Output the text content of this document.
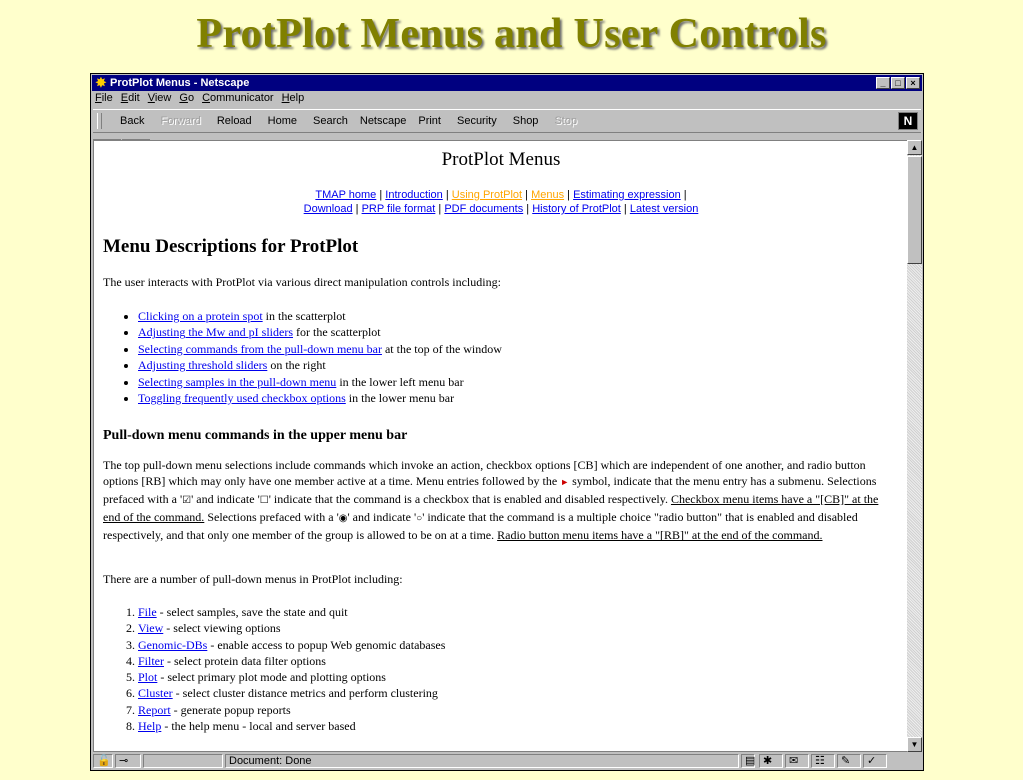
ProtPlot Menus and User Controls
✸ ProtPlot Menus - Netscape	_	□	×
File Edit View Go Communicator Help
Back Forward Reload Home Search Netscape Print Security Shop Stop	N
ProtPlot Menus
TMAP home | Introduction | Using ProtPlot | Menus | Estimating expression |
Download | PRP file format | PDF documents | History of ProtPlot | Latest version
Menu Descriptions for ProtPlot
The user interacts with ProtPlot via various direct manipulation controls including:
• Clicking on a protein spot in the scatterplot
• Adjusting the Mw and pI sliders for the scatterplot
• Selecting commands from the pull-down menu bar at the top of the window
• Adjusting threshold sliders on the right
• Selecting samples in the pull-down menu in the lower left menu bar
• Toggling frequently used checkbox options in the lower menu bar
Pull-down menu commands in the upper menu bar
The top pull-down menu selections include commands which invoke an action, checkbox options [CB] which are independent of one another, and radio button options [RB] which may only have one member active at a time. Menu entries followed by the ► symbol, indicate that the menu entry has a submenu. Selections prefaced with a '☑' and indicate '☐' indicate that the command is a checkbox that is enabled and disabled respectively. Checkbox menu items have a "[CB]" at the end of the command. Selections prefaced with a '◉' and indicate '○' indicate that the command is a multiple choice "radio button" that is enabled and disabled respectively, and that only one member of the group is allowed to be on at a time. Radio button menu items have a "[RB]" at the end of the command.
There are a number of pull-down menus in ProtPlot including:
1. File - select samples, save the state and quit
2. View - select viewing options
3. Genomic-DBs - enable access to popup Web genomic databases
4. Filter - select protein data filter options
5. Plot - select primary plot mode and plotting options
6. Cluster - select cluster distance metrics and perform clustering
7. Report - generate popup reports
8. Help - the help menu - local and server based
▲
▼
🔓 ⊸	Document: Done	▤ ✱	✉	☷	✎	✓
